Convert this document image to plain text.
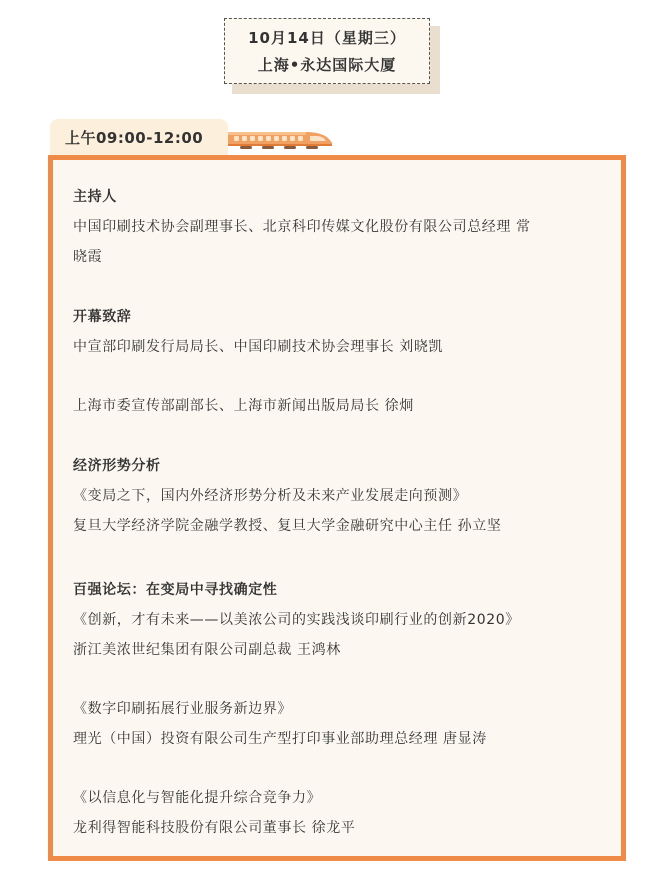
10月14日（星期三）
上海•永达国际大厦
上午09:00-12:00
主持人
中国印刷技术协会副理事长、北京科印传媒文化股份有限公司总经理 常
晓霞
开幕致辞
中宣部印刷发行局局长、中国印刷技术协会理事长 刘晓凯
上海市委宣传部副部长、上海市新闻出版局局长 徐炯
经济形势分析
《变局之下，国内外经济形势分析及未来产业发展走向预测》
复旦大学经济学院金融学教授、复旦大学金融研究中心主任 孙立坚
百强论坛：在变局中寻找确定性
《创新，才有未来——以美浓公司的实践浅谈印刷行业的创新2020》
浙江美浓世纪集团有限公司副总裁 王鸿林
《数字印刷拓展行业服务新边界》
理光（中国）投资有限公司生产型打印事业部助理总经理 唐显涛
《以信息化与智能化提升综合竞争力》
龙利得智能科技股份有限公司董事长 徐龙平
